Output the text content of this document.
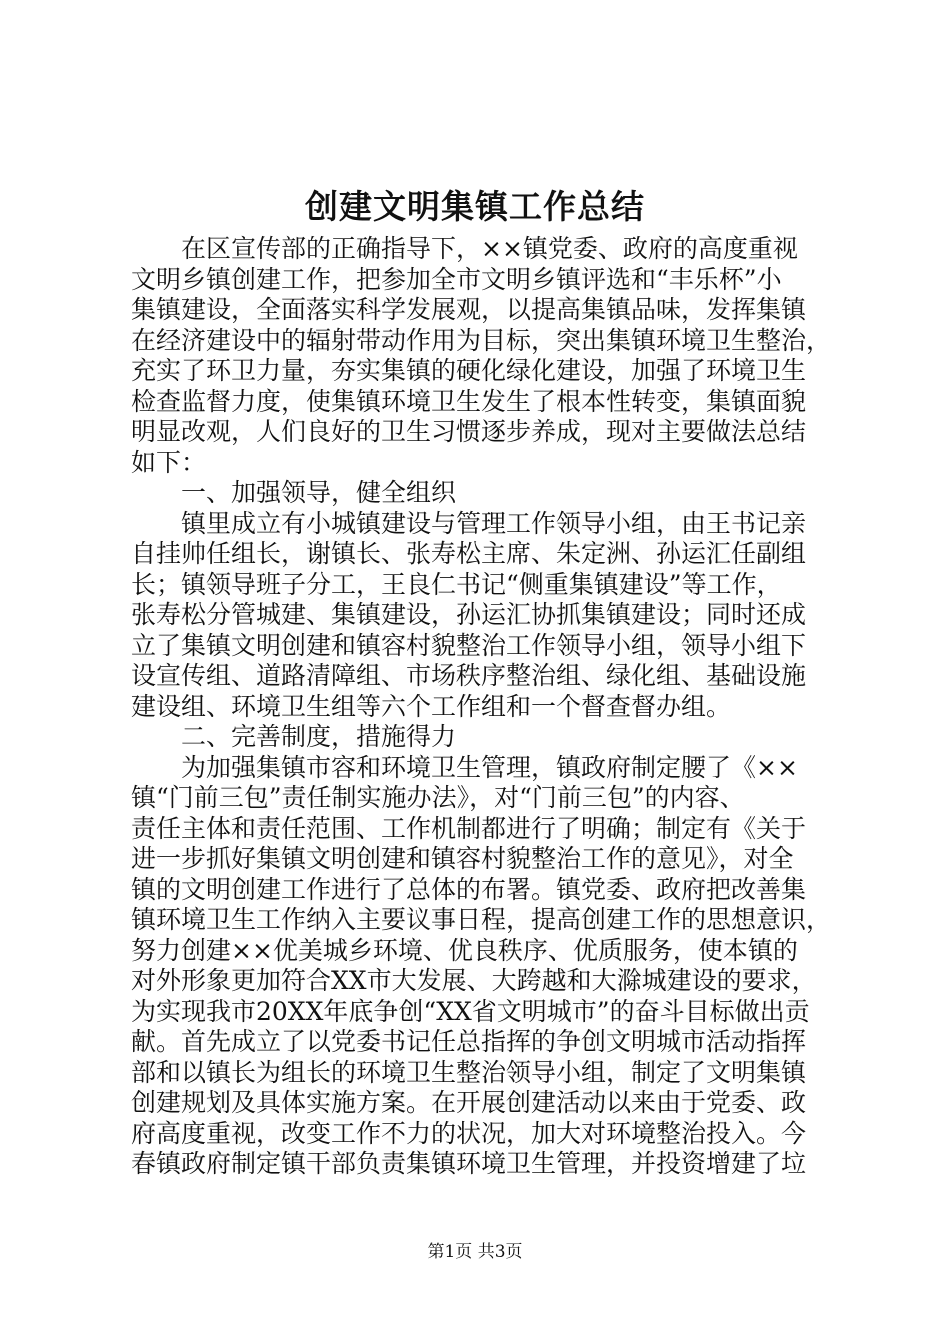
创建文明集镇工作总结
　　在区宣传部的正确指导下，××镇党委、政府的高度重视
文明乡镇创建工作，把参加全市文明乡镇评选和“丰乐杯”小
集镇建设，全面落实科学发展观，以提高集镇品味，发挥集镇
在经济建设中的辐射带动作用为目标，突出集镇环境卫生整治，
充实了环卫力量，夯实集镇的硬化绿化建设，加强了环境卫生
检查监督力度，使集镇环境卫生发生了根本性转变，集镇面貌
明显改观，人们良好的卫生习惯逐步养成，现对主要做法总结
如下：
　　一、加强领导，健全组织
　　镇里成立有小城镇建设与管理工作领导小组，由王书记亲
自挂帅任组长，谢镇长、张寿松主席、朱定洲、孙运汇任副组
长；镇领导班子分工，王良仁书记“侧重集镇建设”等工作，
张寿松分管城建、集镇建设，孙运汇协抓集镇建设；同时还成
立了集镇文明创建和镇容村貌整治工作领导小组，领导小组下
设宣传组、道路清障组、市场秩序整治组、绿化组、基础设施
建设组、环境卫生组等六个工作组和一个督查督办组。
　　二、完善制度，措施得力
　　为加强集镇市容和环境卫生管理，镇政府制定腰了《××
镇“门前三包”责任制实施办法》，对“门前三包”的内容、
责任主体和责任范围、工作机制都进行了明确；制定有《关于
进一步抓好集镇文明创建和镇容村貌整治工作的意见》，对全
镇的文明创建工作进行了总体的布署。镇党委、政府把改善集
镇环境卫生工作纳入主要议事日程，提高创建工作的思想意识，
努力创建××优美城乡环境、优良秩序、优质服务，使本镇的
对外形象更加符合XX市大发展、大跨越和大滁城建设的要求，
为实现我市20XX年底争创“XX省文明城市”的奋斗目标做出贡
献。首先成立了以党委书记任总指挥的争创文明城市活动指挥
部和以镇长为组长的环境卫生整治领导小组，制定了文明集镇
创建规划及具体实施方案。在开展创建活动以来由于党委、政
府高度重视，改变工作不力的状况，加大对环境整治投入。今
春镇政府制定镇干部负责集镇环境卫生管理，并投资增建了垃
第1页 共3页
